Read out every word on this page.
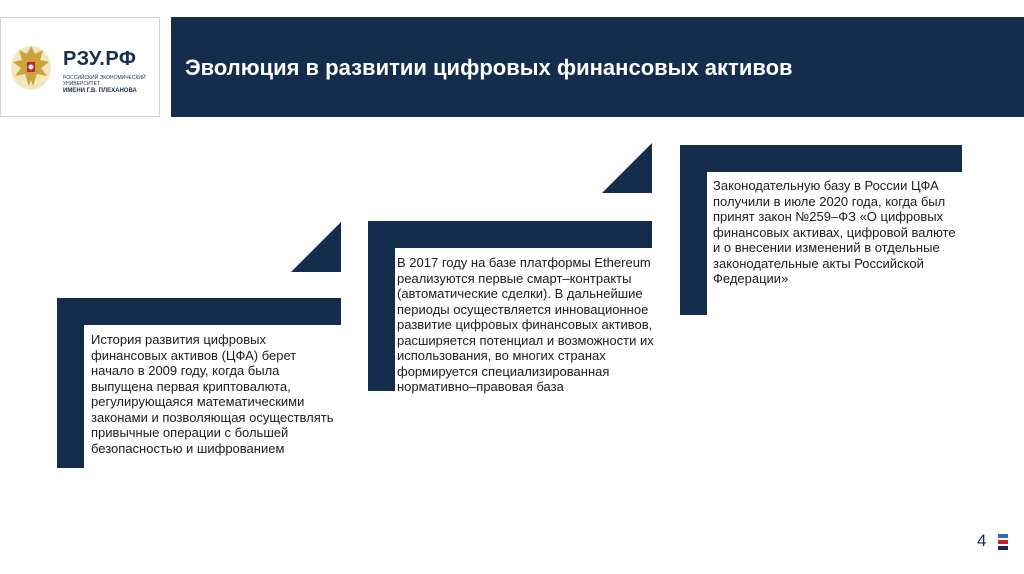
РЗУ.РФ
РОССИЙСКИЙ ЭКОНОМИЧЕСКИЙ УНИВЕРСИТЕТ
ИМЕНИ Г.В. ПЛЕХАНОВА
Эволюция в развитии цифровых финансовых активов
История развития цифровых финансовых активов (ЦФА) берет начало в 2009 году, когда была выпущена первая криптовалюта, регулирующаяся математическими законами и позволяющая осуществлять привычные операции с большей безопасностью и шифрованием
В 2017 году на базе платформы Ethereum реализуются первые смарт–контракты (автоматические сделки). В дальнейшие периоды осуществляется инновационное развитие цифровых финансовых активов, расширяется потенциал и возможности их использования, во многих странах формируется специализированная нормативно–правовая база
Законодательную базу в России ЦФА получили в июле 2020 года, когда был принят закон №259–ФЗ «О цифровых финансовых активах, цифровой валюте и о внесении изменений в отдельные законодательные акты Российской Федерации»
4
